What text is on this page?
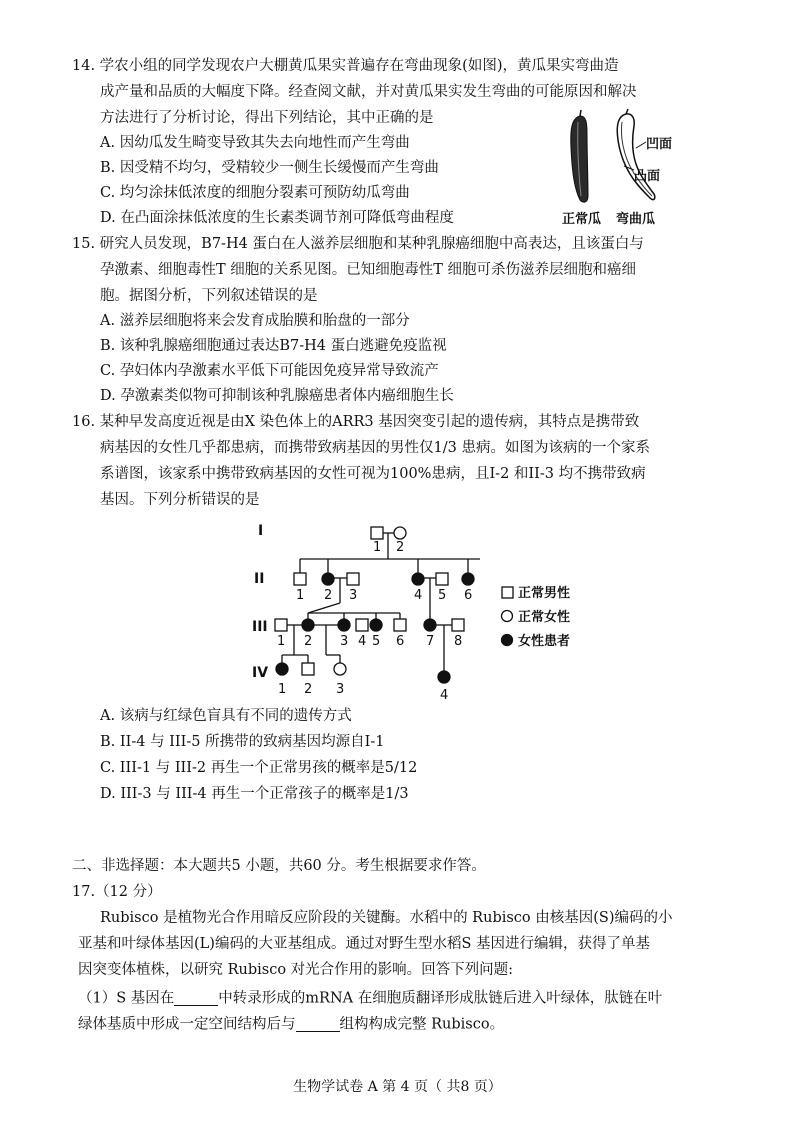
14. 学农小组的同学发现农户大棚黄瓜果实普遍存在弯曲现象(如图)，黄瓜果实弯曲造
成产量和品质的大幅度下降。经查阅文献，并对黄瓜果实发生弯曲的可能原因和解决
方法进行了分析讨论，得出下列结论，其中正确的是
A. 因幼瓜发生畸变导致其失去向地性而产生弯曲
B. 因受精不均匀，受精较少一侧生长缓慢而产生弯曲
C. 均匀涂抹低浓度的细胞分裂素可预防幼瓜弯曲
D. 在凸面涂抹低浓度的生长素类调节剂可降低弯曲程度
凹面
凸面
正常瓜 弯曲瓜
15. 研究人员发现，B7-H4 蛋白在人滋养层细胞和某种乳腺癌细胞中高表达，且该蛋白与
孕激素、细胞毒性T 细胞的关系见图。已知细胞毒性T 细胞可杀伤滋养层细胞和癌细
胞。据图分析，下列叙述错误的是
A. 滋养层细胞将来会发育成胎膜和胎盘的一部分
B. 该种乳腺癌细胞通过表达B7-H4 蛋白逃避免疫监视
C. 孕妇体内孕激素水平低下可能因免疫异常导致流产
D. 孕激素类似物可抑制该种乳腺癌患者体内癌细胞生长
16. 某种早发高度近视是由X 染色体上的ARR3 基因突变引起的遗传病，其特点是携带致
病基因的女性几乎都患病，而携带致病基因的男性仅1/3 患病。如图为该病的一个家系
系谱图，该家系中携带致病基因的女性可视为100%患病，且I-2 和II-3 均不携带致病
基因。下列分析错误的是
I
II
III
IV
1 2
1 2 3	4 5 6
1 2 3 4 5 6 7 8
1 2 3	4
正常男性
正常女性
女性患者
A. 该病与红绿色盲具有不同的遗传方式
B. II-4 与 III-5 所携带的致病基因均源自I-1
C. III-1 与 III-2 再生一个正常男孩的概率是5/12
D. III-3 与 III-4 再生一个正常孩子的概率是1/3
二、非选择题：本大题共5 小题，共60 分。考生根据要求作答。
17.（12 分）
Rubisco 是植物光合作用暗反应阶段的关键酶。水稻中的 Rubisco 由核基因(S)编码的小
亚基和叶绿体基因(L)编码的大亚基组成。通过对野生型水稻S 基因进行编辑，获得了单基
因突变体植株，以研究 Rubisco 对光合作用的影响。回答下列问题:
（1）S 基因在	中转录形成的mRNA 在细胞质翻译形成肽链后进入叶绿体，肽链在叶
绿体基质中形成一定空间结构后与	组构构成完整 Rubisco。
生物学试卷 A 第 4 页（ 共8 页）
